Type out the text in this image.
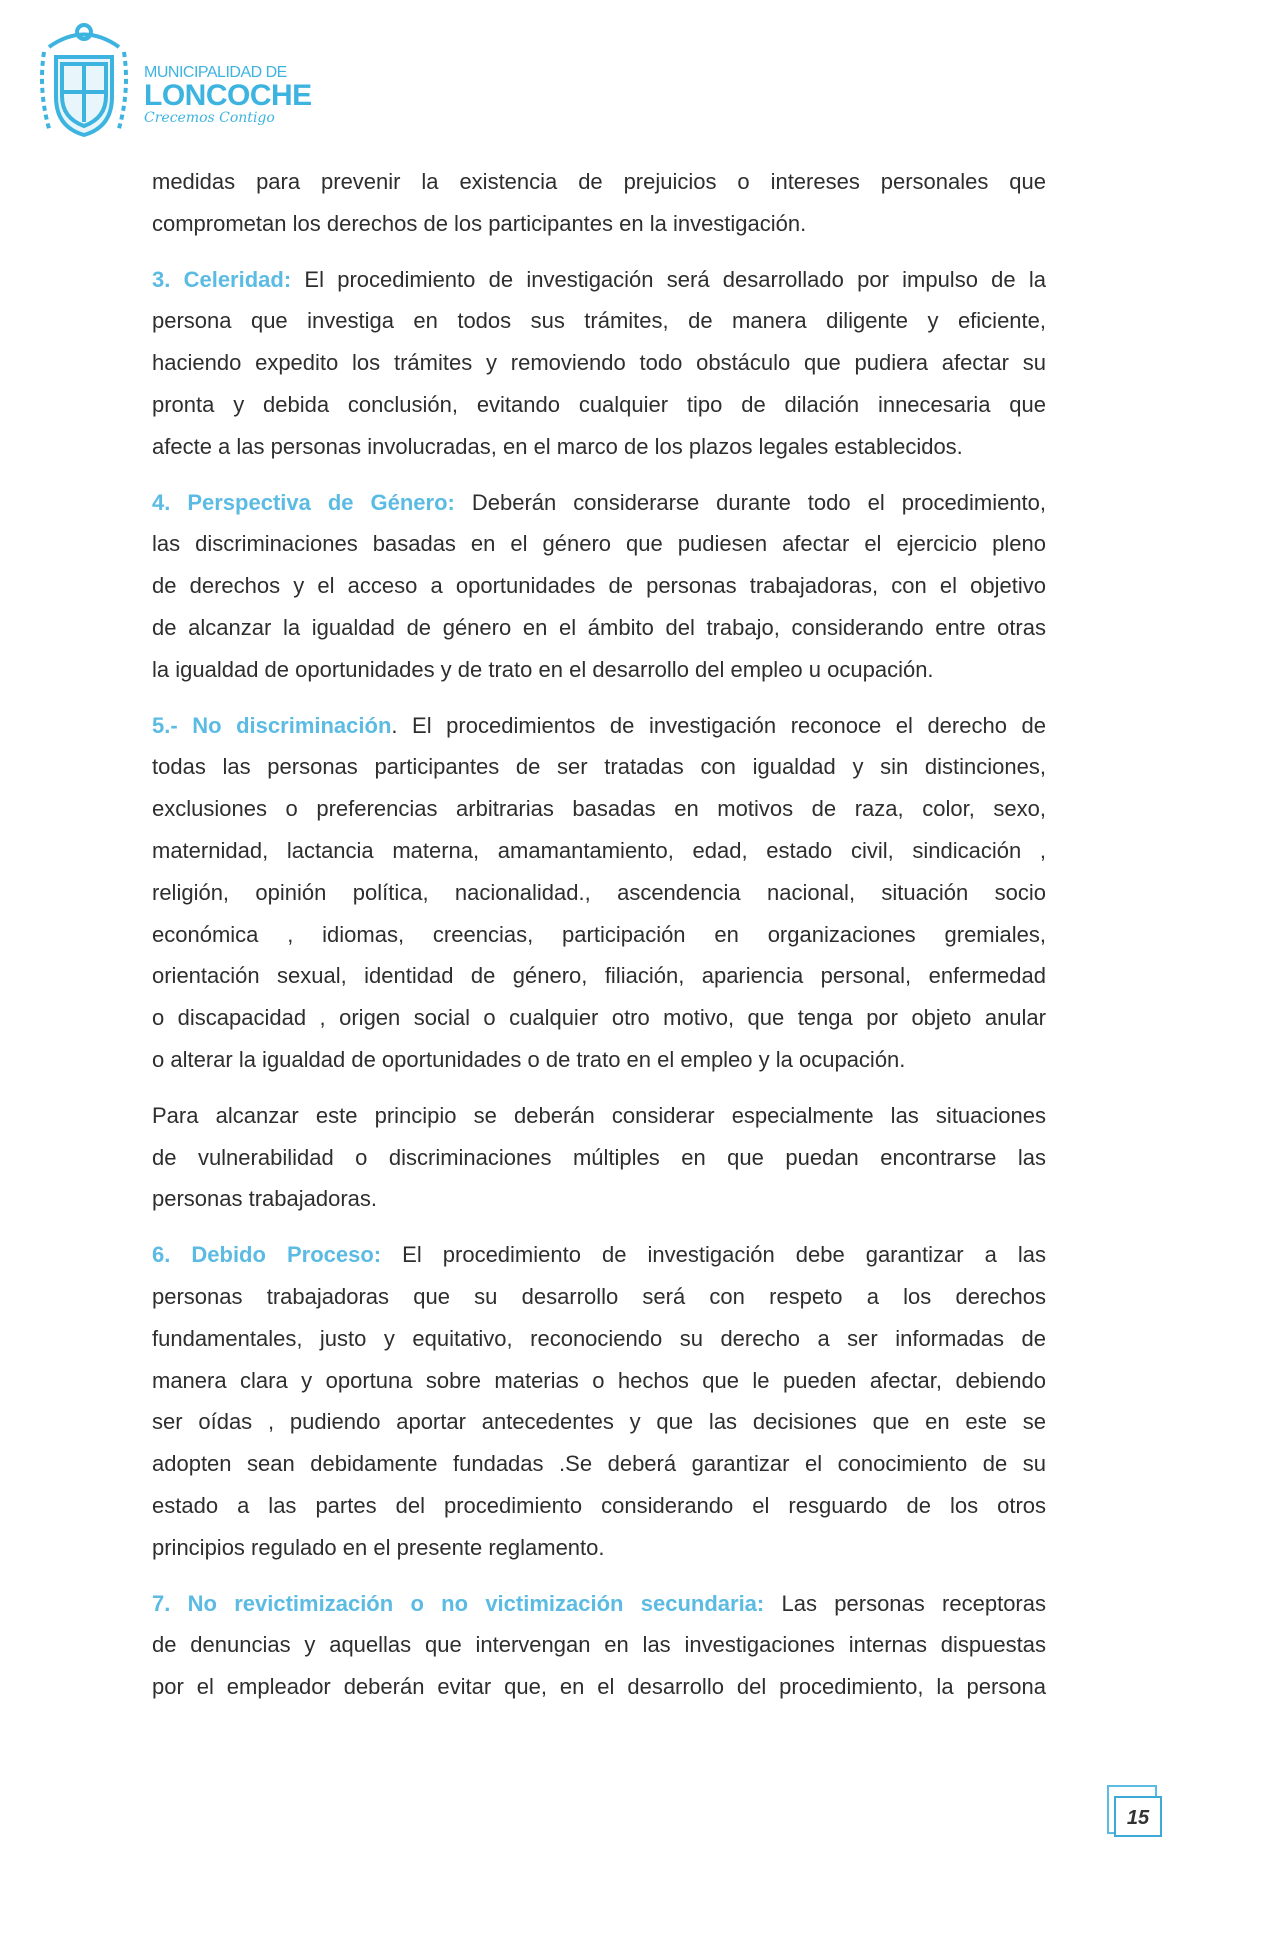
MUNICIPALIDAD DE
LONCOCHE
Crecemos Contigo
medidas para prevenir la existencia de prejuicios o intereses personales que
comprometan los derechos de los participantes en la investigación.
3. Celeridad: El procedimiento de investigación será desarrollado por impulso de la
persona que investiga en todos sus trámites, de manera diligente y eficiente,
haciendo expedito los trámites y removiendo todo obstáculo que pudiera afectar su
pronta y debida conclusión, evitando cualquier tipo de dilación innecesaria que
afecte a las personas involucradas, en el marco de los plazos legales establecidos.
4. Perspectiva de Género: Deberán considerarse durante todo el procedimiento,
las discriminaciones basadas en el género que pudiesen afectar el ejercicio pleno
de derechos y el acceso a oportunidades de personas trabajadoras, con el objetivo
de alcanzar la igualdad de género en el ámbito del trabajo, considerando entre otras
la igualdad de oportunidades y de trato en el desarrollo del empleo u ocupación.
5.- No discriminación. El procedimientos de investigación reconoce el derecho de
todas las personas participantes de ser tratadas con igualdad y sin distinciones,
exclusiones o preferencias arbitrarias basadas en motivos de raza, color, sexo,
maternidad, lactancia materna, amamantamiento, edad, estado civil, sindicación ,
religión, opinión política, nacionalidad., ascendencia nacional, situación socio
económica , idiomas, creencias, participación en organizaciones gremiales,
orientación sexual, identidad de género, filiación, apariencia personal, enfermedad
o discapacidad , origen social o cualquier otro motivo, que tenga por objeto anular
o alterar la igualdad de oportunidades o de trato en el empleo y la ocupación.
Para alcanzar este principio se deberán considerar especialmente las situaciones
de vulnerabilidad o discriminaciones múltiples en que puedan encontrarse las
personas trabajadoras.
6. Debido Proceso: El procedimiento de investigación debe garantizar a las
personas trabajadoras que su desarrollo será con respeto a los derechos
fundamentales, justo y equitativo, reconociendo su derecho a ser informadas de
manera clara y oportuna sobre materias o hechos que le pueden afectar, debiendo
ser oídas , pudiendo aportar antecedentes y que las decisiones que en este se
adopten sean debidamente fundadas .Se deberá garantizar el conocimiento de su
estado a las partes del procedimiento considerando el resguardo de los otros
principios regulado en el presente reglamento.
7. No revictimización o no victimización secundaria: Las personas receptoras
de denuncias y aquellas que intervengan en las investigaciones internas dispuestas
por el empleador deberán evitar que, en el desarrollo del procedimiento, la persona
15
